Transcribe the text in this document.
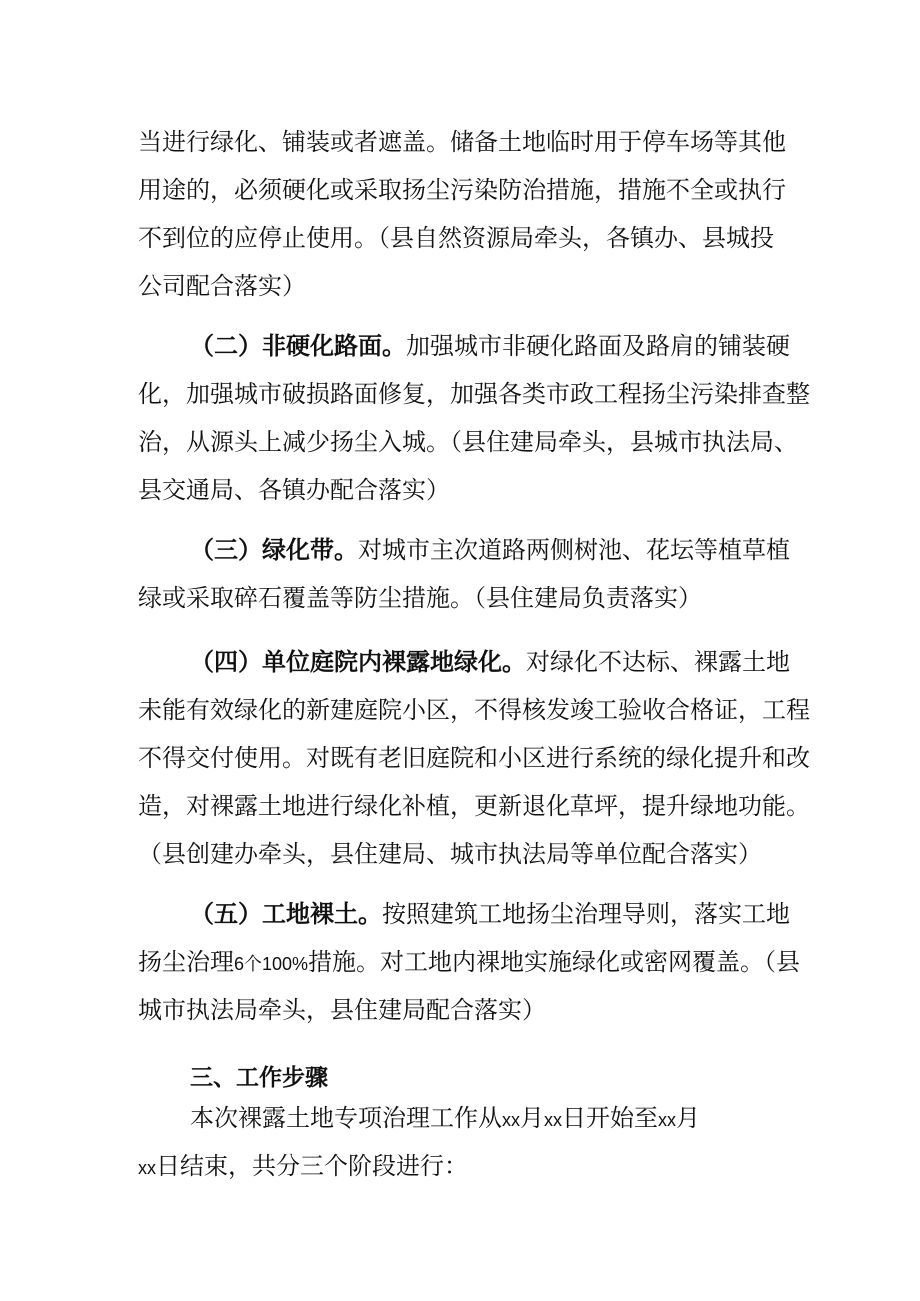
当进行绿化、铺装或者遮盖。储备土地临时用于停车场等其他
用途的，必须硬化或采取扬尘污染防治措施，措施不全或执行
不到位的应停止使用。（县自然资源局牵头，各镇办、县城投
公司配合落实）
（二）非硬化路面。加强城市非硬化路面及路肩的铺装硬
化，加强城市破损路面修复，加强各类市政工程扬尘污染排查整
治，从源头上减少扬尘入城。（县住建局牵头，县城市执法局、
县交通局、各镇办配合落实）
（三）绿化带。对城市主次道路两侧树池、花坛等植草植
绿或采取碎石覆盖等防尘措施。（县住建局负责落实）
（四）单位庭院内裸露地绿化。对绿化不达标、裸露土地
未能有效绿化的新建庭院小区，不得核发竣工验收合格证，工程
不得交付使用。对既有老旧庭院和小区进行系统的绿化提升和改
造，对裸露土地进行绿化补植，更新退化草坪，提升绿地功能。
（县创建办牵头，县住建局、城市执法局等单位配合落实）
（五）工地裸土。按照建筑工地扬尘治理导则，落实工地
扬尘治理6个100%措施。对工地内裸地实施绿化或密网覆盖。（县
城市执法局牵头，县住建局配合落实）
三、工作步骤
本次裸露土地专项治理工作从xx月xx日开始至xx月
xx日结束，共分三个阶段进行：
